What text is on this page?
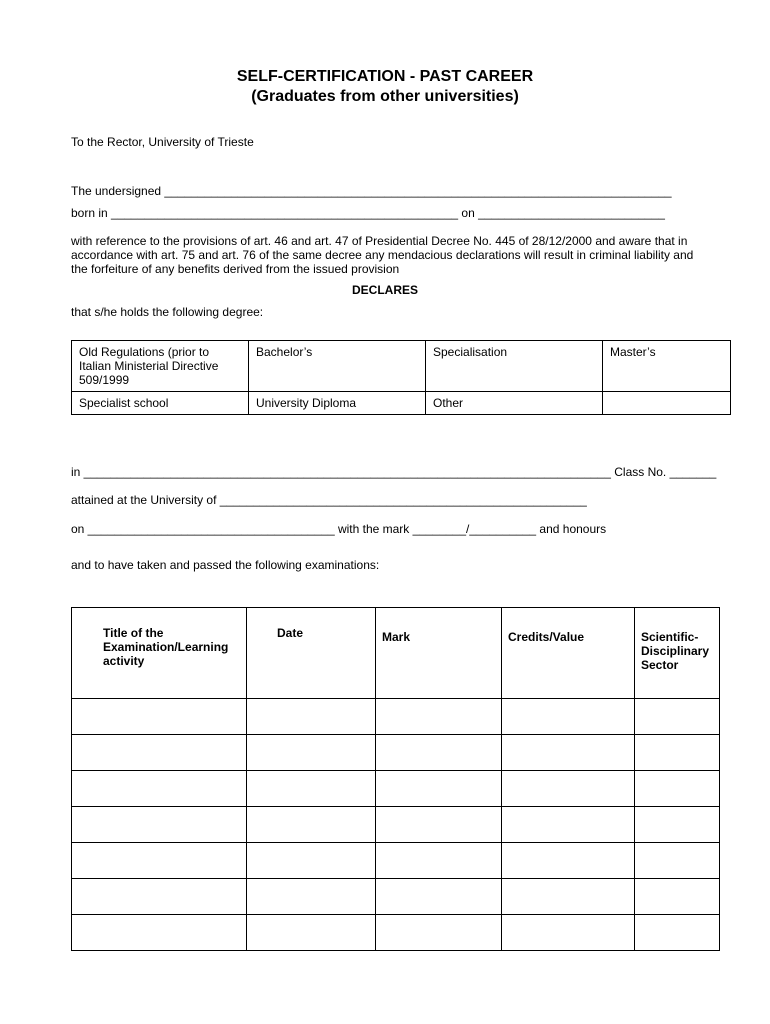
SELF-CERTIFICATION - PAST CAREER
(Graduates from other universities)
To the Rector, University of Trieste
The undersigned ____________________________________________________________________________
born in ____________________________________________________ on ____________________________
with reference to the provisions of art. 46 and art. 47 of Presidential Decree No. 445 of 28/12/2000 and aware that in accordance with art. 75 and art. 76 of the same decree any mendacious declarations will result in criminal liability and the forfeiture of any benefits derived from the issued provision
DECLARES
that s/he holds the following degree:
Old Regulations (prior to Italian Ministerial Directive 509/1999	Bachelor’s	Specialisation	Master’s
Specialist school	University Diploma	Other	
in _______________________________________________________________________________ Class No. _______
attained at the University of _______________________________________________________
on _____________________________________ with the mark ________/__________ and honours
and to have taken and passed the following examinations:
Title of the Examination/Learning activity	Date	Mark	Credits/Value	Scientific-Disciplinary Sector
